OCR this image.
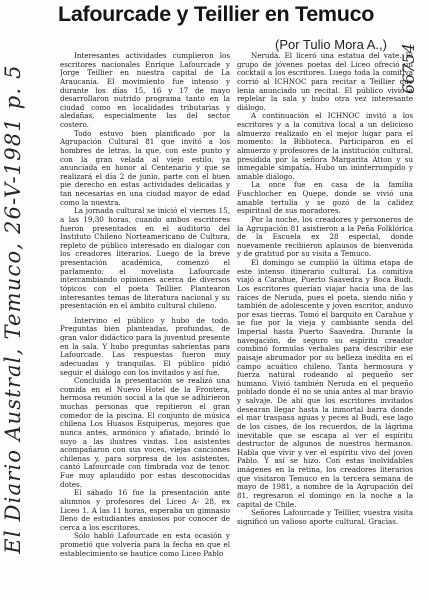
El Diario Austral, Temuco, 26-V-1981 p. 5	66754
Lafourcade y Teillier en Temuco
(Por Tulio Mora A.,)

Interesantes actividades cumplieron los escritores nacionales Enrique Lafourcade y Jorge Teillier en nuestra capital de La Araucanía. El movimiento fue intenso y durante los días 15, 16 y 17 de mayo desarrollaron nutrido programa tanto en la ciudad como en localidades tributarias y aledañas, especialmente las del sector costero.

Todo estuvo bien planificado por la Agrupación Cultural 81 que invitó a los hombres de letras, la que, con este punto y con la gran velada al viejo estilo, ya anunciada en honor al Centenario y que se realizará el día 2 de junio, parte con el buen pie derecho en estas actividades delicadas y tan necesarias en una ciudad mayor de edad como la nuestra.

La jornada cultural se inició el viernes 15, a las 19,30 horas, cuando ambos escritores fueron presentados en el auditorio del Instituto Chileno Norteamericano de Cultura, repleto de público interesado en dialogar con los creadores literarios. Luego de la breve presentación académica, comenzó el parlamento: el novelista Lafourcade intercambiando opiniones acerca de diversos tópicos con el poeta Teillier. Plantearon interesantes temas de literatura nacional y su presentación en el ámbito cultural chileno.

Intervino el público y hubo de todo. Preguntas bien planteadas, profundas, de gran valor didáctico para la juventud presente en la sala. Y hubo preguntas sabrientas para Lafourcade. Las respuestas fueron muy adecuadas y tranquilas. El público pidió seguir el diálogo con los invitados y así fue.

Concluida la presentación se realizó una comida en el Nuevo Hotel de la Frontera, hermosa reunión social a la que se adhirieron muchas personas que repitieron el gran comedor de la piscina. El conjunto de música chilena Los Huasos Esquiperus, mejores que nunca antes, armónico y afiatado, brindó lo suyo a las ilustres visitas. Los asistentes acompañaron con sus voces, viejas canciones chilenas y, para sorpresa de los asistentes, cantó Lafourcade con timbrada voz de tenor. Fue muy aplaudido por estas desconocidas dotes.

El sábado 16 fue la presentación ante alumnos y profesores del Liceo A- 28, ex Liceo 1. A las 11 horas, esperaba un gimnasio lleno de estudiantes ansiosos por conocer de cerca a los escritores.

Sólo habló Lafourcade en esta ocasión y prometió que volvería para la fecha en que el establecimiento se bautice como Liceo Pablo

Neruda. El liceró una estatua del vate. El grupo de jóvenes poetas del Liceo ofreció un cocktail a los escritores. Luego toda la comitiva corrió al ICHNOC para recitar a Teillier que lenia anunciado un recital. El público vivió a replelar la sala y hubo otra vez interesante diálogo.

A continuación el ICHNOC invitó a los escritores y a la comitiva local a un delicioso almuerzo realizado en el mejor lugar para el momento: la Biblioteca. Participaron en el almuerzo y profesores de la institución cultural, presidida por la señora Margarita Atton y su inmegable simpatía. Hubo un ininterrumpido y amable diálogo.

La once fue en casa de la familia Fuschlocher en Quepe, donde se vivió una amable tertulia y se gozó de la calidez espiritual de sus moradores.

Por la noche, los creadores y personeros de la Agrupación 81 asistieron a la Peña Folklórica de la Escuela ex 28 especial, donde nuevamente recibieron aplausos de bienvenida y de gratitud por su visita a Temuco.

El domingo se cumplió la última etapa de este intenso itinerario cultural. La comitiva viajó a Carahue, Puerto Saavedra y Boca Budi. Los escritores querían viajar hacia una de las raíces de Neruda, pues el poeta, siendo niño y también de adolescente y joven escritor, anduvo por esas tierras. Tomó el barquito en Carahue y se fue por la vieja y cambiante senda del Imperial hasta Puerto Saavedra. Durante la navegación, de seguro su espíritu creador combinó formulas verbales para describir ese paisaje abrumador por su belleza inédita en el campo acuático chileno. Tanta hermosura y fuerza natural rodeando al pequeño ser humano. Vivió también Neruda en el pequeño poblado donde él no se unía antes al mar bravío y salvaje. De ahí que los escritores invitados desearan llegar hasta la inmortal barra donde el mar traspasa aguas y peces al Budi, ese lago de los cisnes, de los recuerdos, de la lágrima inevitable que se escapa al ver el espíritu destructor de algunos de nuestros hermanos. Habla que vivir y ver el espíritu vivo del joven Pablo. Y así se hizo. Con estas inolvidables imágenes en la retina, los creadores literarios que visitaron Temuco en la tercera semana de mayo de 1981, a nombre de la Agrupación del 81, regresaron el domingo en la noche a la capital de Chile.

Señores Lafourcade y Teillier, vuestra visita significó un valioso aporte cultural. Gracias.
